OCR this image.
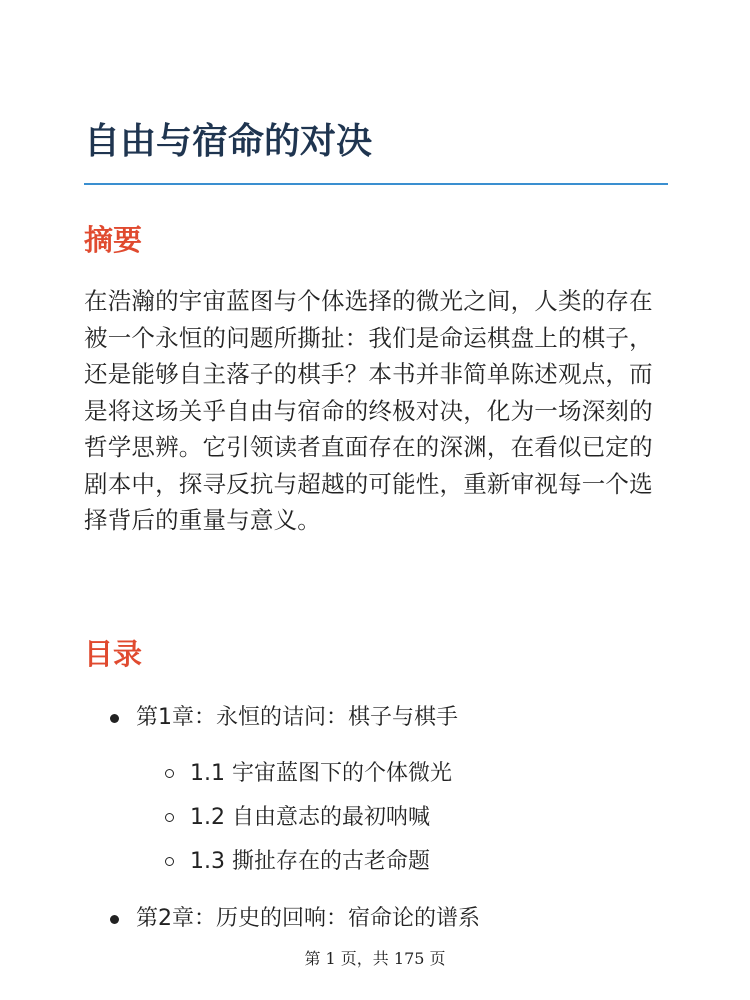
自由与宿命的对决
摘要

在浩瀚的宇宙蓝图与个体选择的微光之间，人类的存在被一个永恒的问题所撕扯：我们是命运棋盘上的棋子，还是能够自主落子的棋手？本书并非简单陈述观点，而是将这场关乎自由与宿命的终极对决，化为一场深刻的哲学思辨。它引领读者直面存在的深渊，在看似已定的剧本中，探寻反抗与超越的可能性，重新审视每一个选择背后的重量与意义。

目录
第1章：永恒的诘问：棋子与棋手
1.1 宇宙蓝图下的个体微光
1.2 自由意志的最初呐喊
1.3 撕扯存在的古老命题
第2章：历史的回响：宿命论的谱系
第 1 页，共 175 页
